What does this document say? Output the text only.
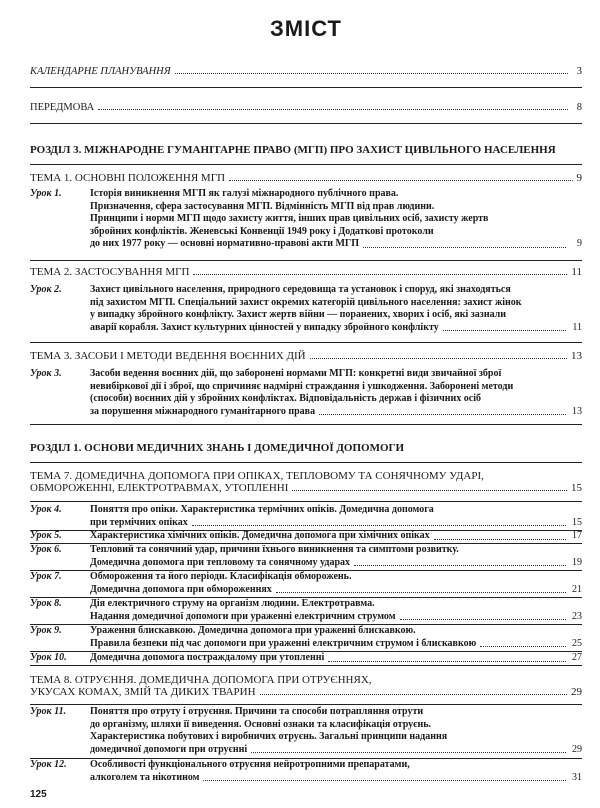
ЗМІСТ
КАЛЕНДАРНЕ ПЛАНУВАННЯ	3
ПЕРЕДМОВА	8
РОЗДІЛ 3. МІЖНАРОДНЕ ГУМАНІТАРНЕ ПРАВО (МГП) ПРО ЗАХИСТ ЦИВІЛЬНОГО НАСЕЛЕННЯ
ТЕМА 1. ОСНОВНІ ПОЛОЖЕННЯ МГП	9
Урок 1.	Історія виникнення МГП як галузі міжнародного публічного права.
Призначення, сфера застосування МГП. Відмінність МГП від прав людини.
Принципи і норми МГП щодо захисту життя, інших прав цивільних осіб, захисту жертв
збройних конфліктів. Женевські Конвенції 1949 року і Додаткові протоколи
до них 1977 року — основні нормативно-правові акти МГП	9
ТЕМА 2. ЗАСТОСУВАННЯ МГП	11
Урок 2.	Захист цивільного населення, природного середовища та установок і споруд, які знаходяться
під захистом МГП. Спеціальний захист окремих категорій цивільного населення: захист жінок
у випадку збройного конфлікту. Захист жертв війни — поранених, хворих і осіб, які зазнали
аварії корабля. Захист культурних цінностей у випадку збройного конфлікту	11
ТЕМА 3. ЗАСОБИ І МЕТОДИ ВЕДЕННЯ ВОЄННИХ ДІЙ	13
Урок 3.	Засоби ведення воєнних дій, що заборонені нормами МГП: конкретні види звичайної зброї
невибіркової дії і зброї, що спричиняє надмірні страждання і ушкодження. Заборонені методи
(способи) воєнних дій у збройних конфліктах. Відповідальність держав і фізичних осіб
за порушення міжнародного гуманітарного права	13
РОЗДІЛ 1. ОСНОВИ МЕДИЧНИХ ЗНАНЬ І ДОМЕДИЧНОЇ ДОПОМОГИ
ТЕМА 7. ДОМЕДИЧНА ДОПОМОГА ПРИ ОПІКАХ, ТЕПЛОВОМУ ТА СОНЯЧНОМУ УДАРІ,
ОБМОРОЖЕННІ, ЕЛЕКТРОТРАВМАХ, УТОПЛЕННІ	15
Урок 4.	Поняття про опіки. Характеристика термічних опіків. Домедична допомога
при термічних опіках	15
Урок 5.	Характеристика хімічних опіків. Домедична допомога при хімічних опіках	17
Урок 6.	Тепловий та сонячний удар, причини їхнього виникнення та симптоми розвитку.
Домедична допомога при тепловому та сонячному ударах	19
Урок 7.	Обмороження та його періоди. Класифікація обморожень.
Домедична допомога при обмороженнях	21
Урок 8.	Дія електричного струму на організм людини. Електротравма.
Надання домедичної допомоги при ураженні електричним струмом	23
Урок 9.	Ураження блискавкою. Домедична допомога при ураженні блискавкою.
Правила безпеки під час допомоги при ураженні електричним струмом і блискавкою	25
Урок 10.	Домедична допомога постраждалому при утопленні	27
ТЕМА 8. ОТРУЄННЯ. ДОМЕДИЧНА ДОПОМОГА ПРИ ОТРУЄННЯХ,
УКУСАХ КОМАХ, ЗМІЙ ТА ДИКИХ ТВАРИН	29
Урок 11.	Поняття про отруту і отруєння. Причини та способи потрапляння отрути
до організму, шляхи її виведення. Основні ознаки та класифікація отруєнь.
Характеристика побутових і виробничих отруєнь. Загальні принципи надання
домедичної допомоги при отруєнні	29
Урок 12.	Особливості функціонального отруєння нейротропними препаратами,
алкоголем та нікотином	31
125
